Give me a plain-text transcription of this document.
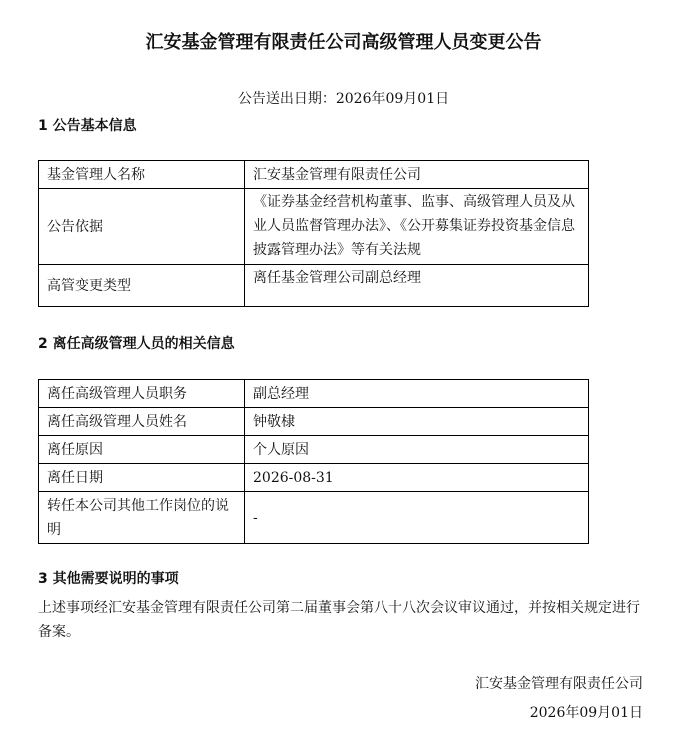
汇安基金管理有限责任公司高级管理人员变更公告
公告送出日期：2026年09月01日
1 公告基本信息
基金管理人名称	汇安基金管理有限责任公司
公告依据	《证券基金经营机构董事、监事、高级管理人员及从业人员监督管理办法》、《公开募集证券投资基金信息披露管理办法》等有关法规
高管变更类型	离任基金管理公司副总经理
2 离任高级管理人员的相关信息
离任高级管理人员职务	副总经理
离任高级管理人员姓名	钟敬棣
离任原因	个人原因
离任日期	2026-08-31
转任本公司其他工作岗位的说明	-
3 其他需要说明的事项
上述事项经汇安基金管理有限责任公司第二届董事会第八十八次会议审议通过，并按相关规定进行备案。
汇安基金管理有限责任公司
2026年09月01日
